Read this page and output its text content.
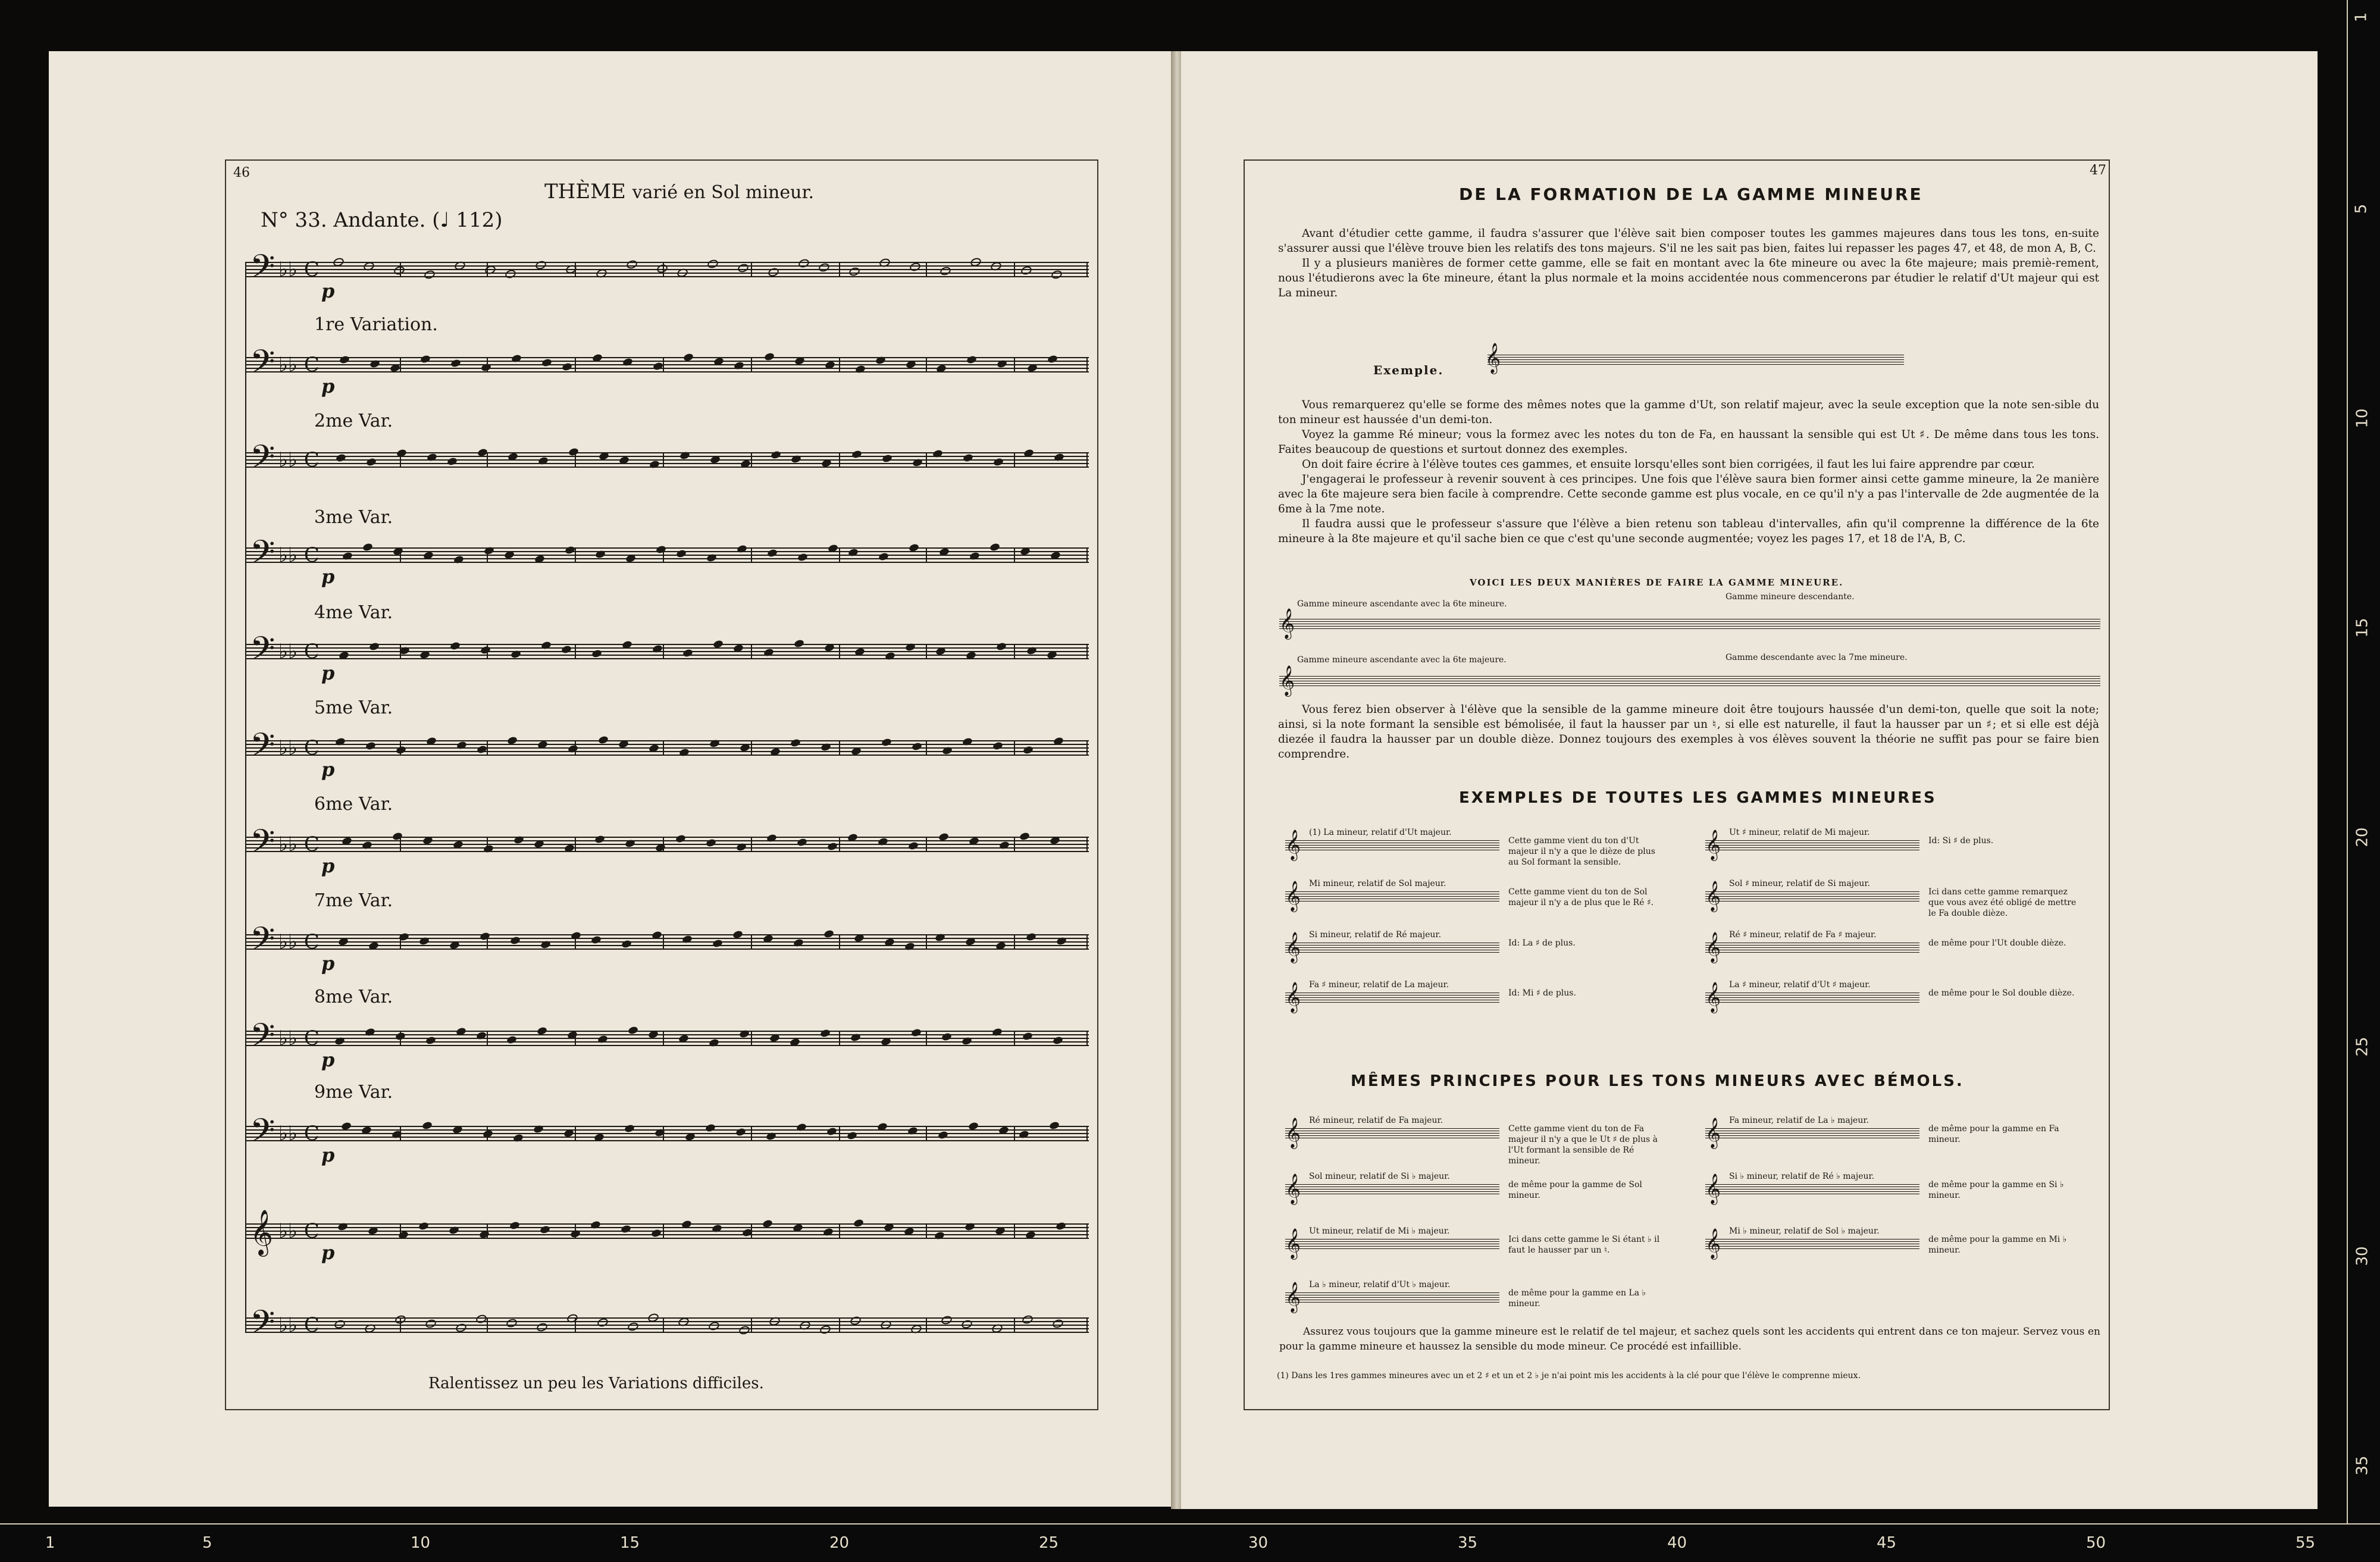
1
5
10
15
20
25
30
35
1	5	10	15	20	25	30	35	40	45	50	55
46
THÈME varié en Sol mineur.
N° 33. Andante. (♩ 112)
𝄢 ♭♭ C
p
𝄢 ♭♭ C
p
1re Variation.
𝄢 ♭♭ C
2me Var.
𝄢 ♭♭ C
p
3me Var.
𝄢 ♭♭ C
p
4me Var.
𝄢 ♭♭ C
p
5me Var.
𝄢 ♭♭ C
p
6me Var.
𝄢 ♭♭ C
p
7me Var.
𝄢 ♭♭ C
p
8me Var.
𝄢 ♭♭ C
p
9me Var.
𝄞 ♭♭ C
p
𝄢 ♭♭ C
Ralentissez un peu les Variations difficiles.
47
DE LA FORMATION DE LA GAMME MINEURE

Avant d'étudier cette gamme, il faudra s'assurer que l'élève sait bien composer toutes les gammes majeures dans tous les tons, en-suite s'assurer aussi que l'élève trouve bien les relatifs des tons majeurs. S'il ne les sait pas bien, faites lui repasser les pages 47, et 48, de mon A, B, C.

Il y a plusieurs manières de former cette gamme, elle se fait en montant avec la 6te mineure ou avec la 6te majeure; mais premiè-rement, nous l'étudierons avec la 6te mineure, étant la plus normale et la moins accidentée nous commencerons par étudier le relatif d'Ut majeur qui est La mineur.

Exemple. 𝄞

Vous remarquerez qu'elle se forme des mêmes notes que la gamme d'Ut, son relatif majeur, avec la seule exception que la note sen-sible du ton mineur est haussée d'un demi-ton.

Voyez la gamme Ré mineur; vous la formez avec les notes du ton de Fa, en haussant la sensible qui est Ut ♯. De même dans tous les tons. Faites beaucoup de questions et surtout donnez des exemples.

On doit faire écrire à l'élève toutes ces gammes, et ensuite lorsqu'elles sont bien corrigées, il faut les lui faire apprendre par cœur.

J'engagerai le professeur à revenir souvent à ces principes. Une fois que l'élève saura bien former ainsi cette gamme mineure, la 2e manière avec la 6te majeure sera bien facile à comprendre. Cette seconde gamme est plus vocale, en ce qu'il n'y a pas l'intervalle de 2de augmentée de la 6me à la 7me note.

Il faudra aussi que le professeur s'assure que l'élève a bien retenu son tableau d'intervalles, afin qu'il comprenne la différence de la 6te mineure à la 8te majeure et qu'il sache bien ce que c'est qu'une seconde augmentée; voyez les pages 17, et 18 de l'A, B, C.

VOICI LES DEUX MANIÈRES DE FAIRE LA GAMME MINEURE.
Gamme mineure ascendante avec la 6te mineure.
Gamme mineure descendante.
Gamme mineure ascendante avec la 6te majeure.	Gamme descendante avec la 7me mineure.
𝄞
𝄞

Vous ferez bien observer à l'élève que la sensible de la gamme mineure doit être toujours haussée d'un demi-ton, quelle que soit la note; ainsi, si la note formant la sensible est bémolisée, il faut la hausser par un ♮, si elle est naturelle, il faut la hausser par un ♯; et si elle est déjà diezée il faudra la hausser par un double dièze. Donnez toujours des exemples à vos élèves souvent la théorie ne suffit pas pour se faire bien comprendre.

EXEMPLES DE TOUTES LES GAMMES MINEURES
(1) La mineur, relatif d'Ut majeur.
𝄞	Cette gamme vient du ton d'Ut majeur il n'y a que le dièze de plus au Sol formant la sensible.
Ut ♯ mineur, relatif de Mi majeur.
𝄞	Id: Si ♯ de plus.
Mi mineur, relatif de Sol majeur.
𝄞	Cette gamme vient du ton de Sol majeur il n'y a de plus que le Ré ♯.
Sol ♯ mineur, relatif de Si majeur.
𝄞	Ici dans cette gamme remarquez que vous avez été obligé de mettre le Fa double dièze.
Si mineur, relatif de Ré majeur.
𝄞	Id: La ♯ de plus.
Ré ♯ mineur, relatif de Fa ♯ majeur.
𝄞	de même pour l'Ut double dièze.
Fa ♯ mineur, relatif de La majeur.
𝄞	Id: Mi ♯ de plus.
La ♯ mineur, relatif d'Ut ♯ majeur.
𝄞	de même pour le Sol double dièze.
MÊMES PRINCIPES POUR LES TONS MINEURS AVEC BÉMOLS.
Ré mineur, relatif de Fa majeur.
𝄞	Cette gamme vient du ton de Fa majeur il n'y a que le Ut ♯ de plus à l'Ut formant la sensible de Ré mineur.
Fa mineur, relatif de La ♭ majeur.
𝄞	de même pour la gamme en Fa mineur.
Sol mineur, relatif de Si ♭ majeur.
𝄞	de même pour la gamme de Sol mineur.
Si ♭ mineur, relatif de Ré ♭ majeur.
𝄞	de même pour la gamme en Si ♭ mineur.
Ut mineur, relatif de Mi ♭ majeur.
𝄞	Ici dans cette gamme le Si étant ♭ il faut le hausser par un ♮.
Mi ♭ mineur, relatif de Sol ♭ majeur.
𝄞	de même pour la gamme en Mi ♭ mineur.
La ♭ mineur, relatif d'Ut ♭ majeur.
𝄞	de même pour la gamme en La ♭ mineur.

Assurez vous toujours que la gamme mineure est le relatif de tel majeur, et sachez quels sont les accidents qui entrent dans ce ton majeur. Servez vous en pour la gamme mineure et haussez la sensible du mode mineur. Ce procédé est infaillible.

(1) Dans les 1res gammes mineures avec un et 2 ♯ et un et 2 ♭ je n'ai point mis les accidents à la clé pour que l'élève le comprenne mieux.
